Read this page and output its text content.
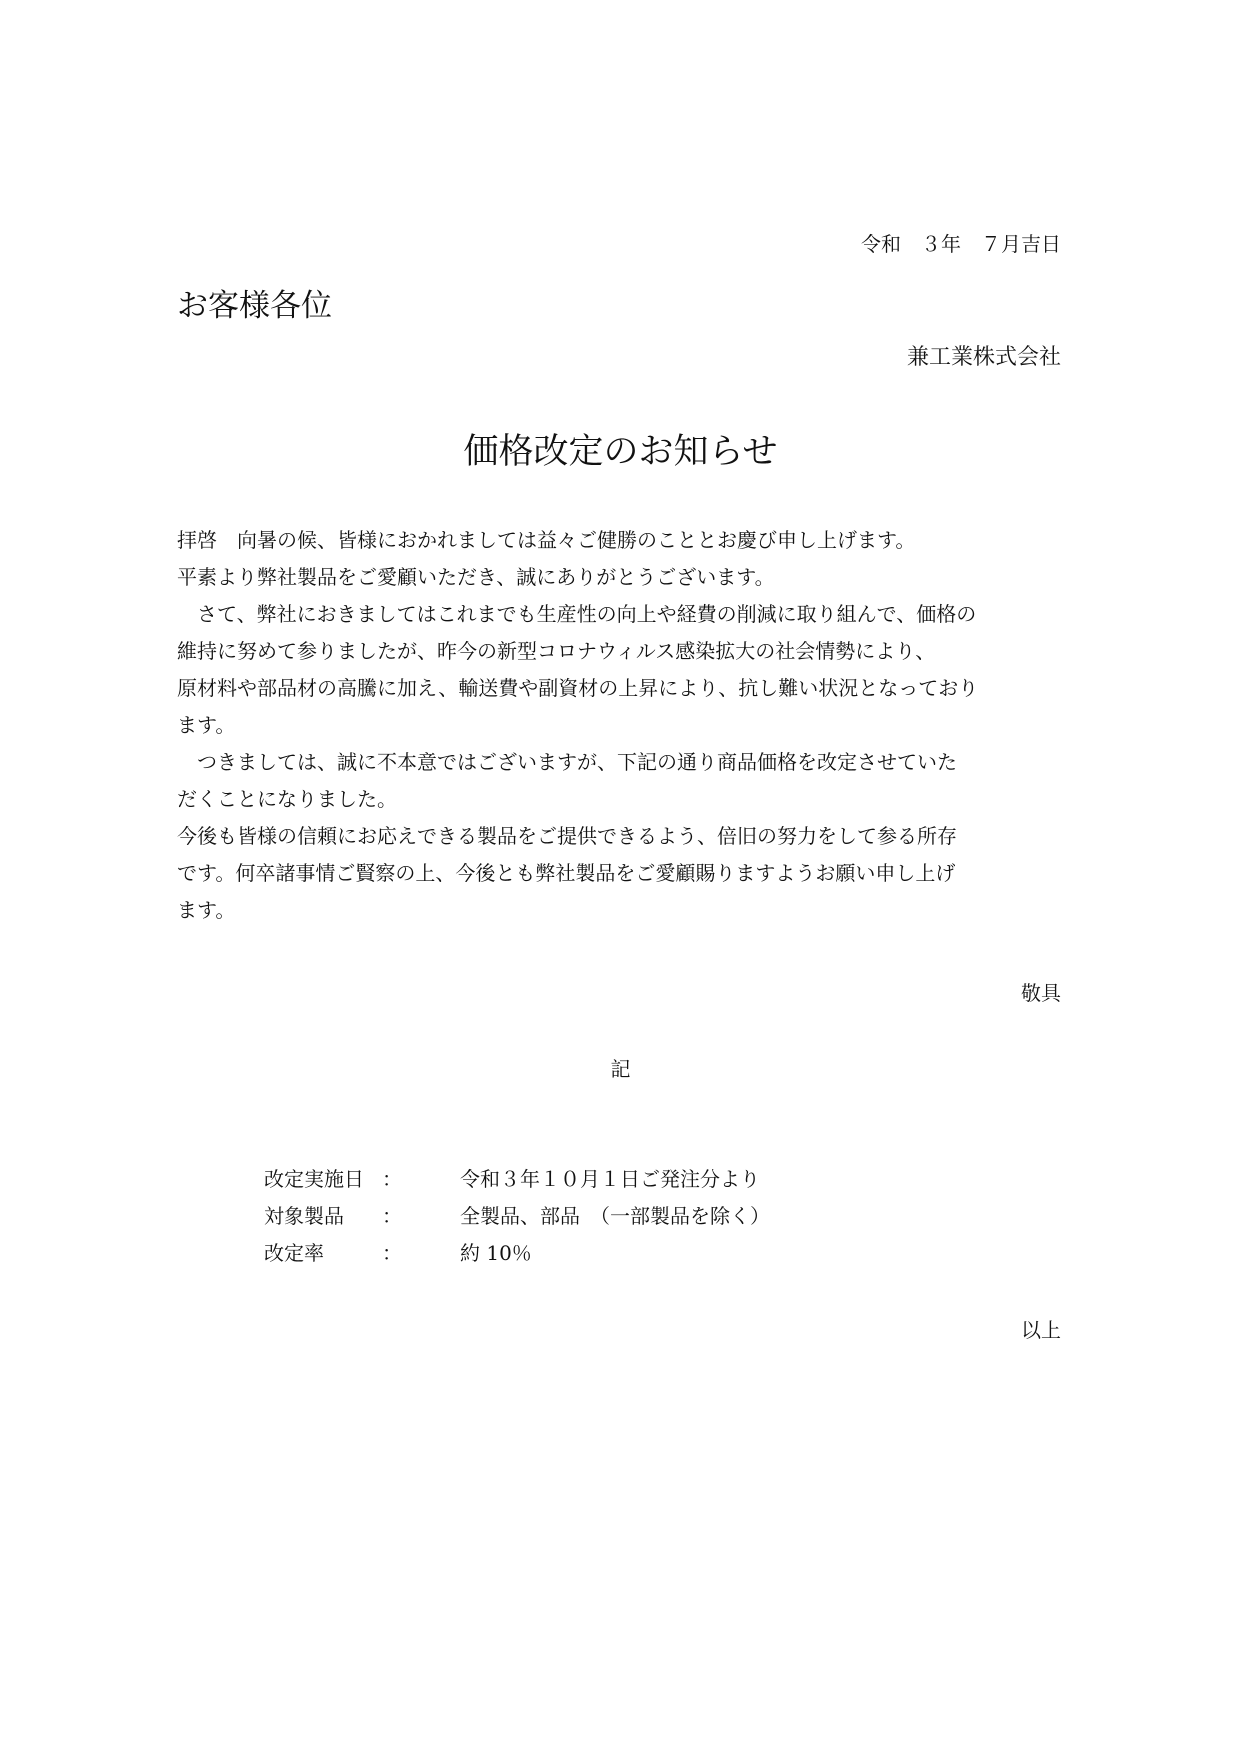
令和　３年　７月吉日
お客様各位
兼工業株式会社
価格改定のお知らせ

拝啓　向暑の候、皆様におかれましては益々ご健勝のこととお慶び申し上げます。

平素より弊社製品をご愛顧いただき、誠にありがとうございます。

　さて、弊社におきましてはこれまでも生産性の向上や経費の削減に取り組んで、価格の

維持に努めて参りましたが、昨今の新型コロナウィルス感染拡大の社会情勢により、

原材料や部品材の高騰に加え、輸送費や副資材の上昇により、抗し難い状況となっており

ます。

　つきましては、誠に不本意ではございますが、下記の通り商品価格を改定させていた

だくことになりました。

今後も皆様の信頼にお応えできる製品をご提供できるよう、倍旧の努力をして参る所存

です。何卒諸事情ご賢察の上、今後とも弊社製品をご愛顧賜りますようお願い申し上げ

ます。

敬具
記
改定実施日 ：	令和３年１０月１日ご発注分より
対象製品 ：	全製品、部品　（一部製品を除く）
改定率	：	約 10％
以上
